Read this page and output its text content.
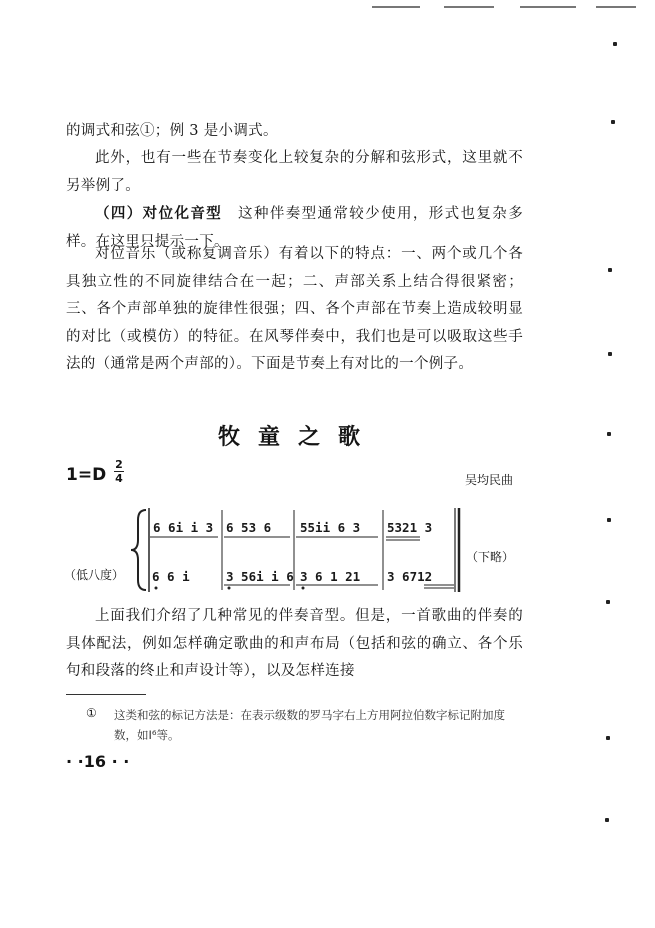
的调式和弦①；例 3 是小调式。

此外，也有一些在节奏变化上较复杂的分解和弦形式，这里就不另举例了。

（四）对位化音型　 这种伴奏型通常较少使用，形式也复杂多样。在这里只提示一下。

对位音乐（或称复调音乐）有着以下的特点：一、两个或几个各具独立性的不同旋律结合在一起；二、声部关系上结合得很紧密；三、各个声部单独的旋律性很强；四、各个声部在节奏上造成较明显的对比（或模仿）的特征。在风琴伴奏中，我们也是可以吸取这些手法的（通常是两个声部的）。下面是节奏上有对比的一个例子。

牧童之歌
1=D
2
4	吴均民曲
6 6i i 3 6 53 6 55ii 6 3 5321 3
6 6 i	3 56i i 6 3 6 1 21 3 6712
（低八度）
（下略）

上面我们介绍了几种常见的伴奏音型。但是，一首歌曲的伴奏的具体配法，例如怎样确定歌曲的和声布局（包括和弦的确立、各个乐句和段落的终止和声设计等），以及怎样连接

① 这类和弦的标记方法是：在表示级数的罗马字右上方用阿拉伯数字标记附加度数，如I⁶等。

· ·16 · ·
